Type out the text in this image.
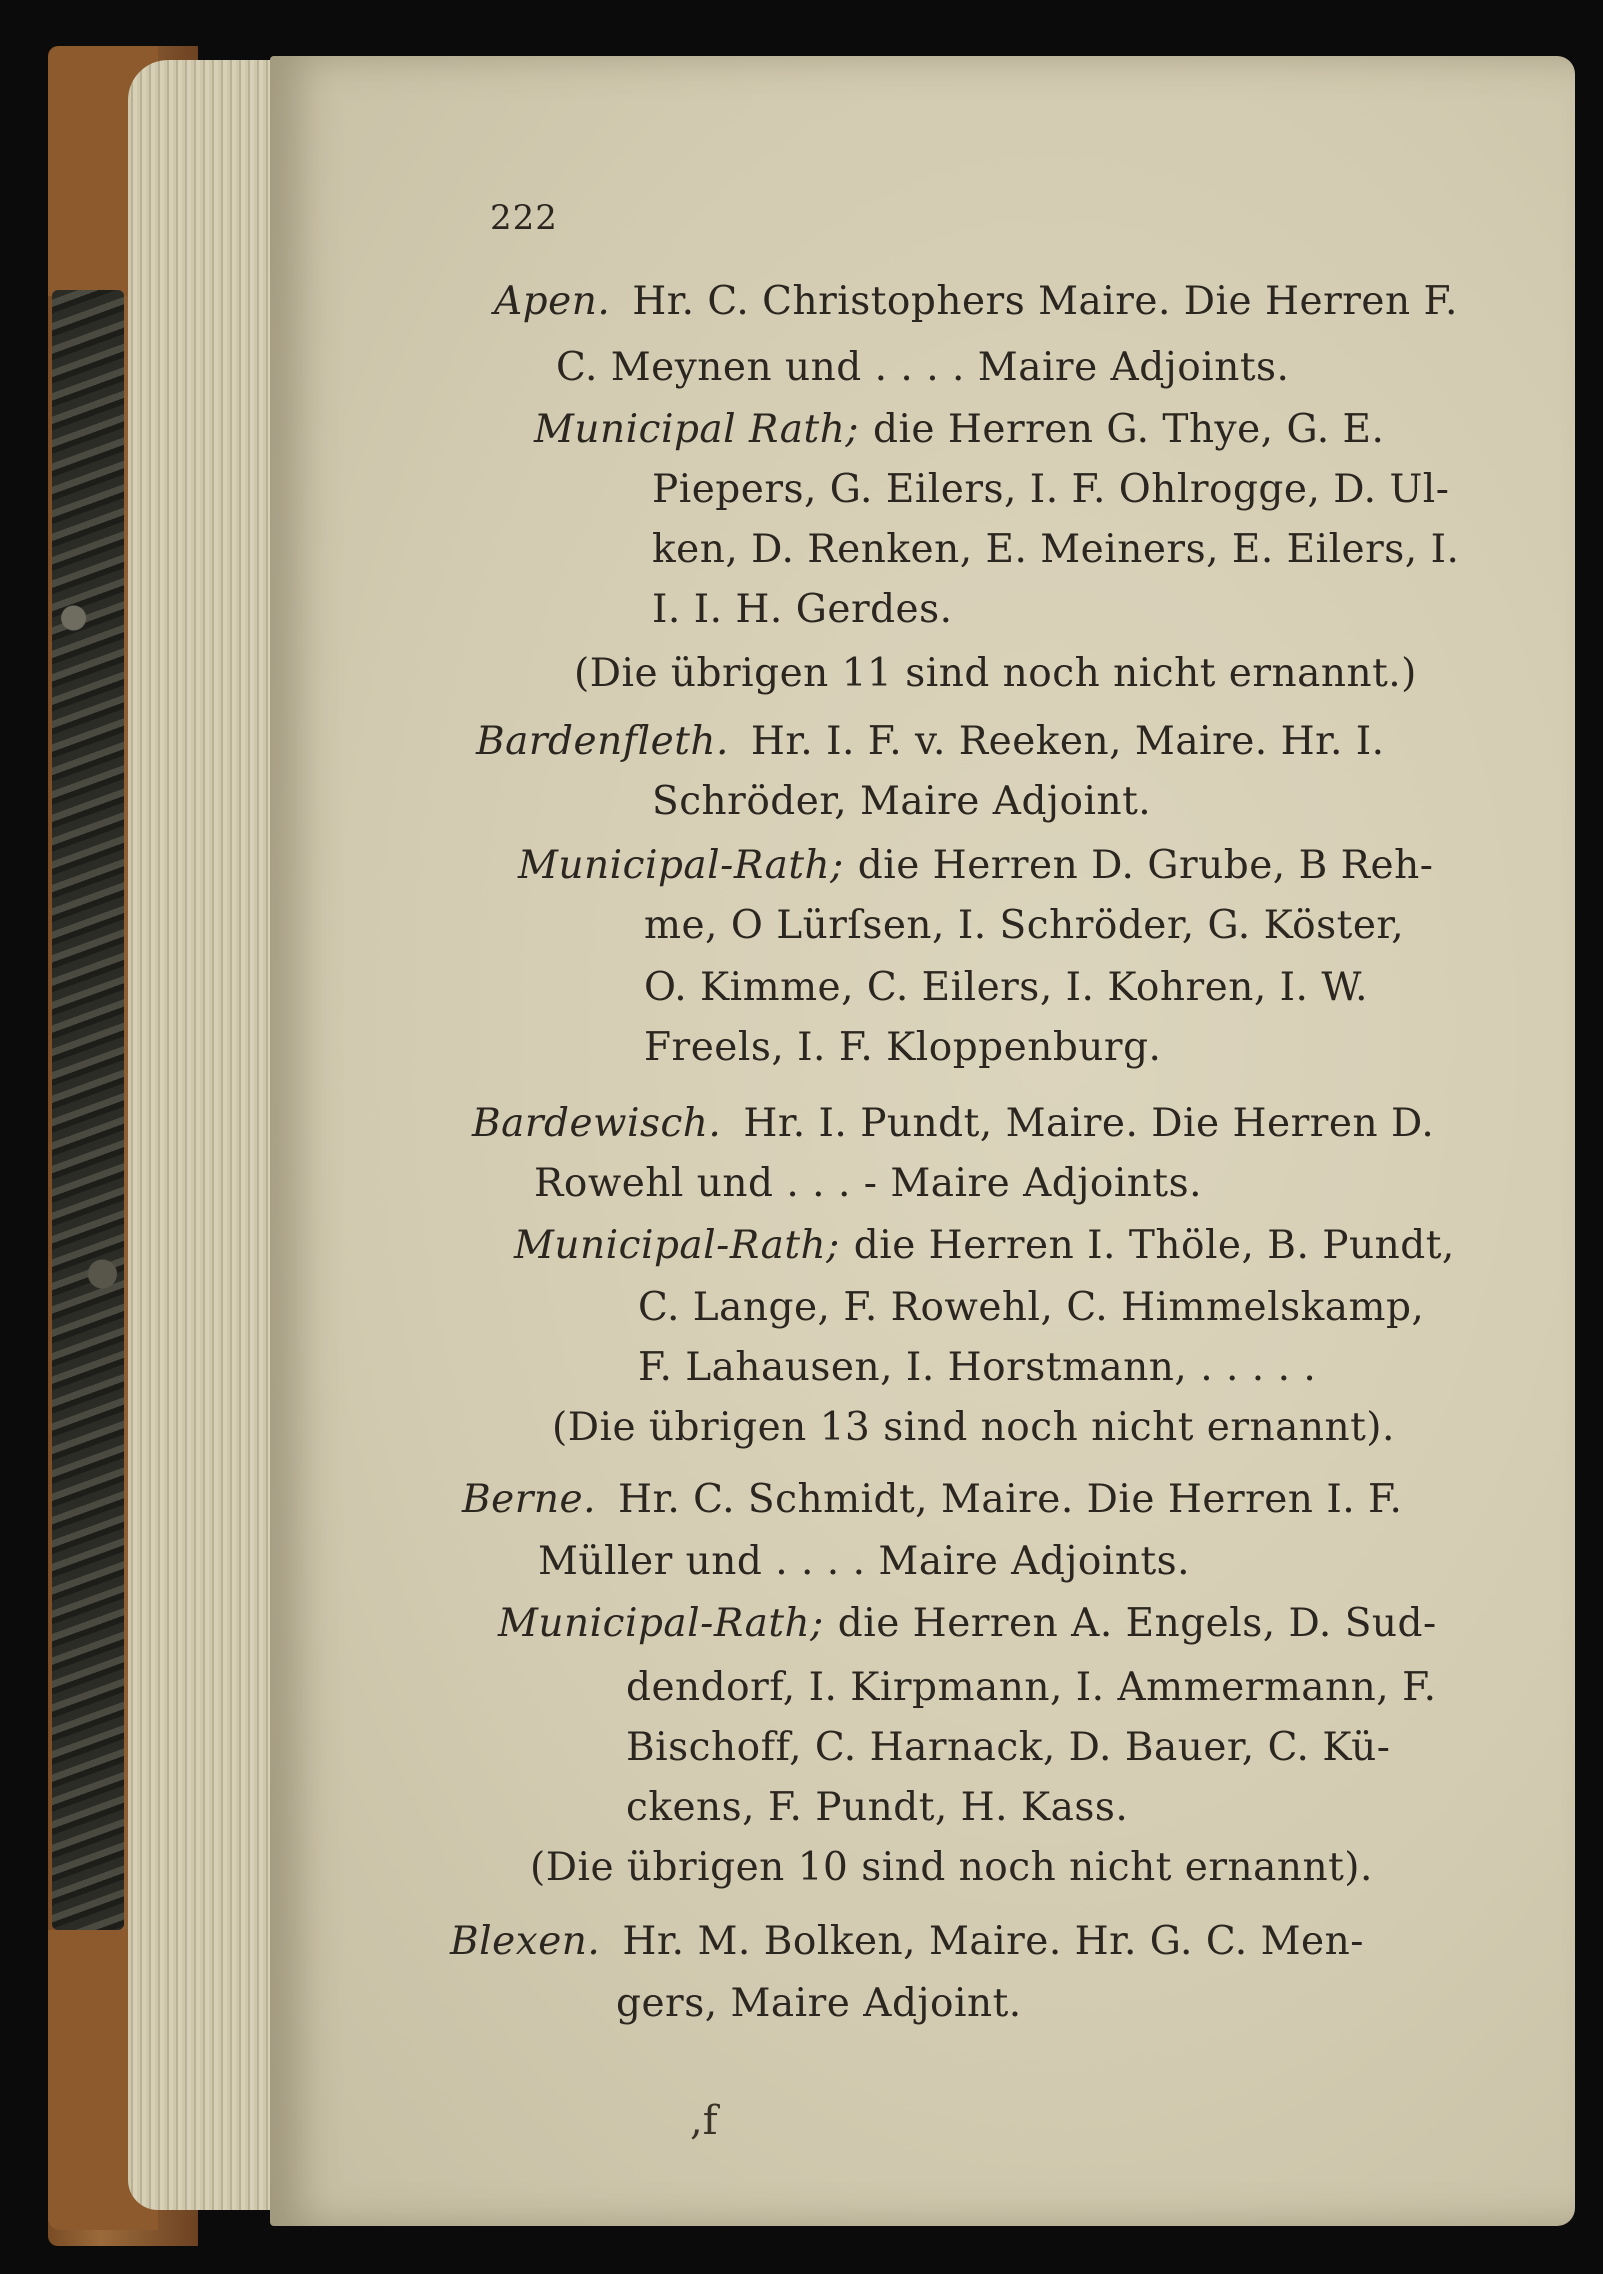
222
Apen. Hr. C. Christophers Maire. Die Herren F.
C. Meynen und . . . . Maire Adjoints.
Municipal Rath; die Herren G. Thye, G. E.
Piepers, G. Eilers, I. F. Ohlrogge, D. Ul-
ken, D. Renken, E. Meiners, E. Eilers, I.
I. I. H. Gerdes.
(Die übrigen 11 sind noch nicht ernannt.)
Bardenfleth. Hr. I. F. v. Reeken, Maire. Hr. I.
Schröder, Maire Adjoint.
Municipal-Rath; die Herren D. Grube, B Reh-
me, O Lürſsen, I. Schröder, G. Köster,
O. Kimme, C. Eilers, I. Kohren, I. W.
Freels, I. F. Kloppenburg.
Bardewisch. Hr. I. Pundt, Maire. Die Herren D.
Rowehl und . . . - Maire Adjoints.
Municipal-Rath; die Herren I. Thöle, B. Pundt,
C. Lange, F. Rowehl, C. Himmelskamp,
F. Lahausen, I. Horstmann, . . . . .
(Die übrigen 13 sind noch nicht ernannt).
Berne. Hr. C. Schmidt, Maire. Die Herren I. F.
Müller und . . . . Maire Adjoints.
Municipal-Rath; die Herren A. Engels, D. Sud-
dendorf, I. Kirpmann, I. Ammermann, F.
Bischoff, C. Harnack, D. Bauer, C. Kü-
ckens, F. Pundt, H. Kass.
(Die übrigen 10 sind noch nicht ernannt).
Blexen. Hr. M. Bolken, Maire. Hr. G. C. Men-
gers, Maire Adjoint.
,f
